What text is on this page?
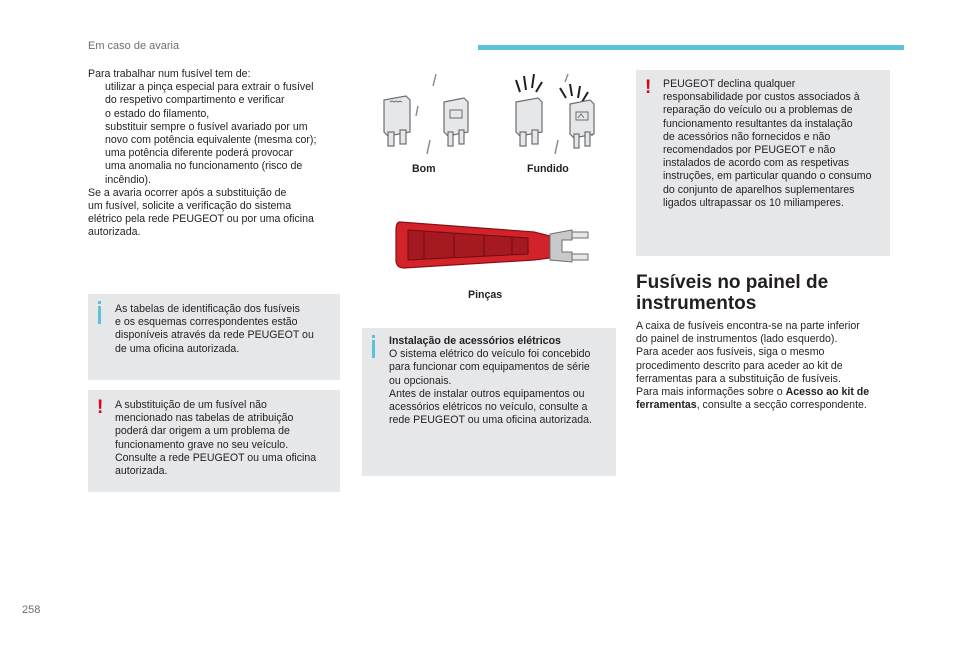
Em caso de avaria
258
Para trabalhar num fusível tem de:
utilizar a pinça especial para extrair o fusível
do respetivo compartimento e verificar
o estado do filamento,
substituir sempre o fusível avariado por um
novo com potência equivalente (mesma cor);
uma potência diferente poderá provocar
uma anomalia no funcionamento (risco de
incêndio).
Se a avaria ocorrer após a substituição de
um fusível, solicite a verificação do sistema
elétrico pela rede PEUGEOT ou por uma oficina
autorizada.
As tabelas de identificação dos fusíveis
e os esquemas correspondentes estão
disponíveis através da rede PEUGEOT ou
de uma oficina autorizada.
! A substituição de um fusível não
mencionado nas tabelas de atribuição
poderá dar origem a um problema de
funcionamento grave no seu veículo.
Consulte a rede PEUGEOT ou uma oficina
autorizada.
Bom	Fundido
Pinças
Instalação de acessórios elétricos
O sistema elétrico do veículo foi concebido
para funcionar com equipamentos de série
ou opcionais.
Antes de instalar outros equipamentos ou
acessórios elétricos no veículo, consulte a
rede PEUGEOT ou uma oficina autorizada.
! PEUGEOT declina qualquer
responsabilidade por custos associados à
reparação do veículo ou a problemas de
funcionamento resultantes da instalação
de acessórios não fornecidos e não
recomendados por PEUGEOT e não
instalados de acordo com as respetivas
instruções, em particular quando o consumo
do conjunto de aparelhos suplementares
ligados ultrapassar os 10 miliamperes.
Fusíveis no painel de
instrumentos
A caixa de fusíveis encontra-se na parte inferior
do painel de instrumentos (lado esquerdo).
Para aceder aos fusíveis, siga o mesmo
procedimento descrito para aceder ao kit de
ferramentas para a substituição de fusíveis.
Para mais informações sobre o Acesso ao kit de
ferramentas, consulte a secção correspondente.
